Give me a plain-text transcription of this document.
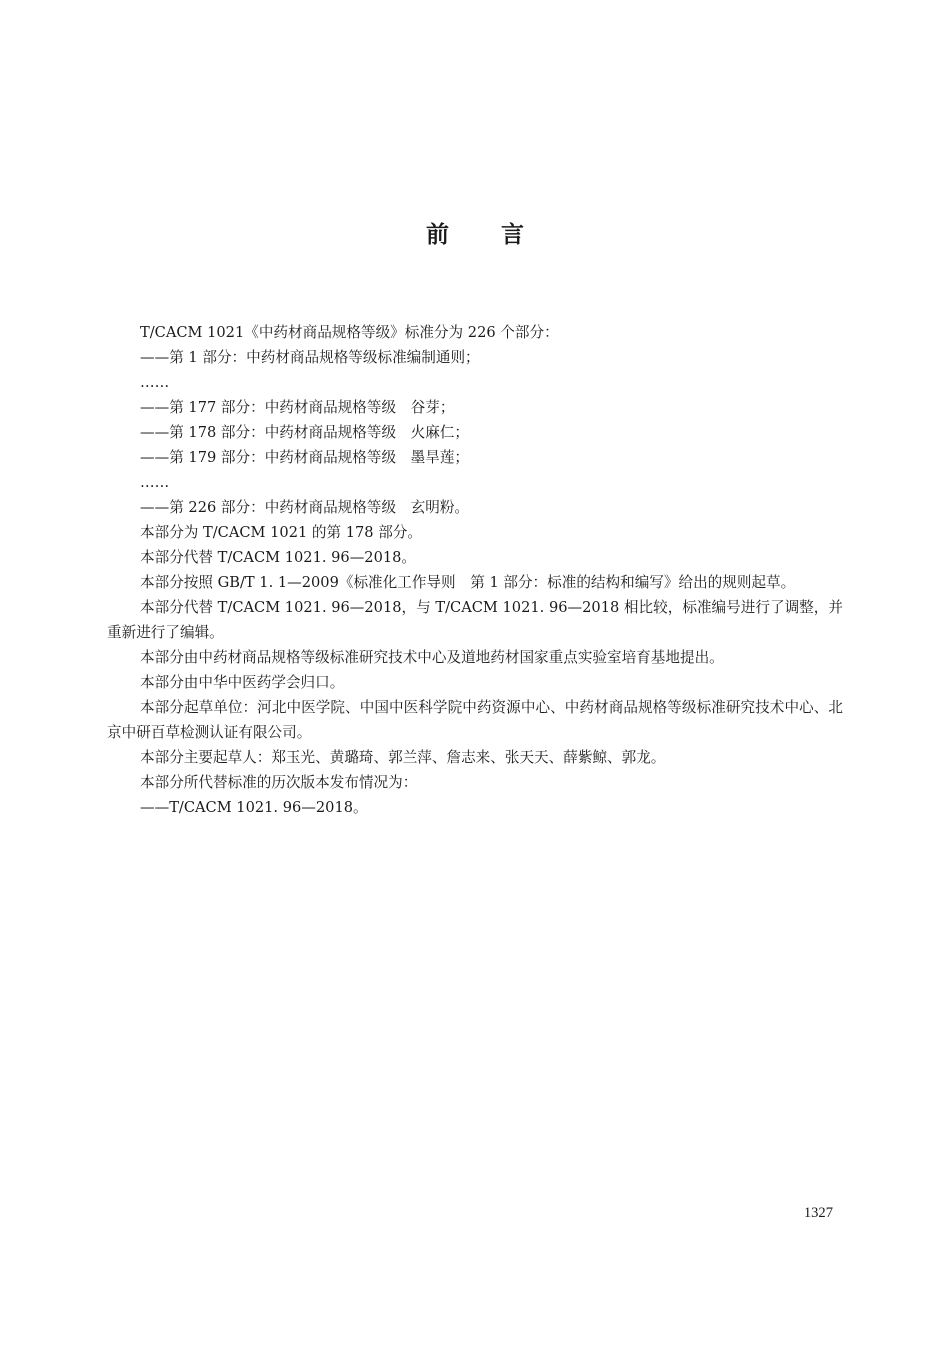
前言

T/CACM 1021《中药材商品规格等级》标准分为 226 个部分：

——第 1 部分：中药材商品规格等级标准编制通则；

……

——第 177 部分：中药材商品规格等级　谷芽；

——第 178 部分：中药材商品规格等级　火麻仁；

——第 179 部分：中药材商品规格等级　墨旱莲；

……

——第 226 部分：中药材商品规格等级　玄明粉。

本部分为 T/CACM 1021 的第 178 部分。

本部分代替 T/CACM 1021. 96—2018。

本部分按照 GB/T 1. 1—2009《标准化工作导则　第 1 部分：标准的结构和编写》给出的规则起草。

本部分代替 T/CACM 1021. 96—2018，与 T/CACM 1021. 96—2018 相比较，标准编号进行了调整，并重新进行了编辑。

本部分由中药材商品规格等级标准研究技术中心及道地药材国家重点实验室培育基地提出。

本部分由中华中医药学会归口。

本部分起草单位：河北中医学院、中国中医科学院中药资源中心、中药材商品规格等级标准研究技术中心、北京中研百草检测认证有限公司。

本部分主要起草人：郑玉光、黄璐琦、郭兰萍、詹志来、张天天、薛紫鲸、郭龙。

本部分所代替标准的历次版本发布情况为：

——T/CACM 1021. 96—2018。

1327
